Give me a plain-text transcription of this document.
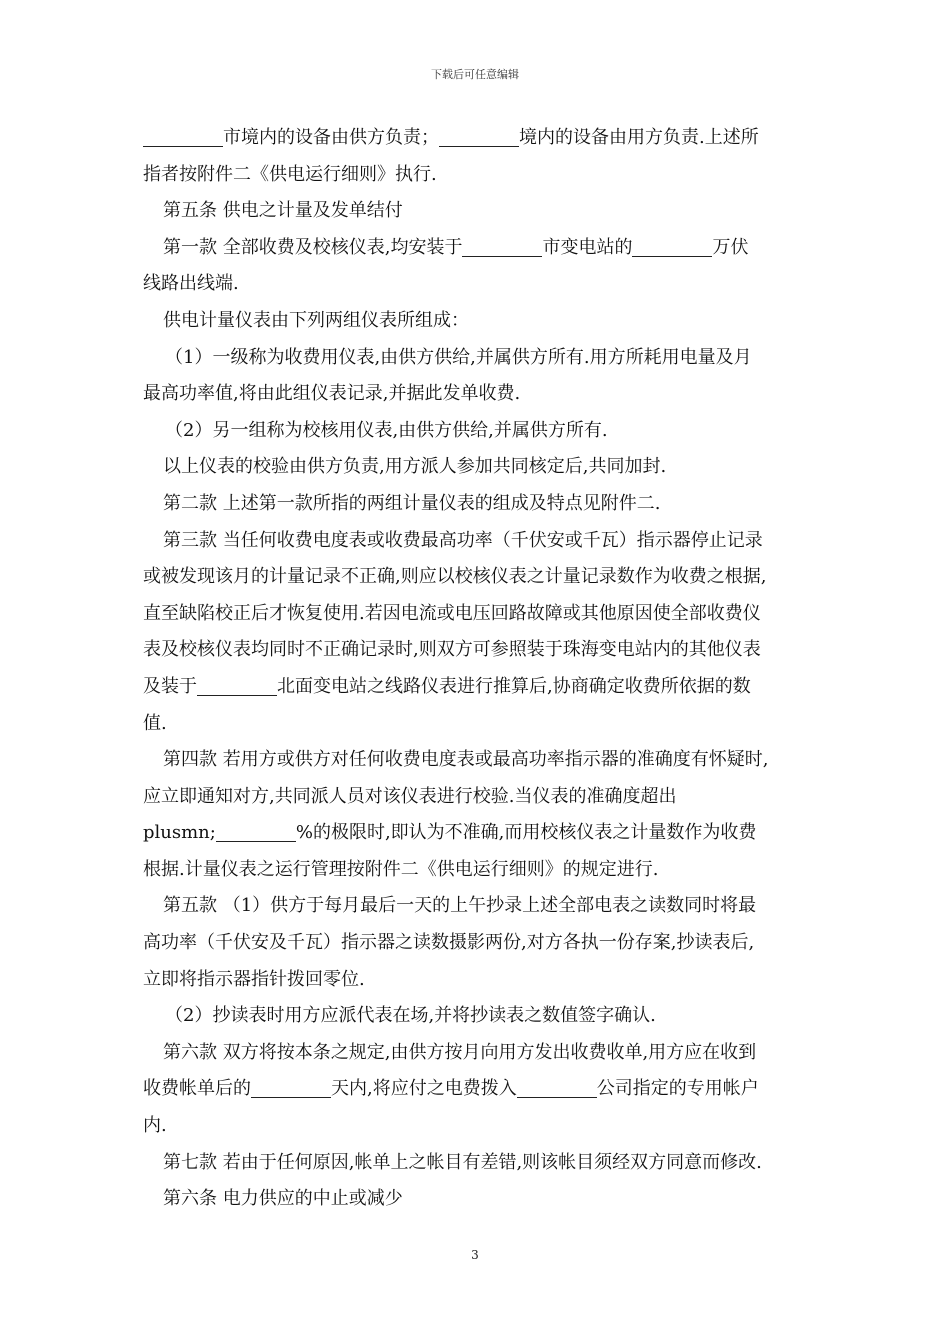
下载后可任意编辑
市境内的设备由供方负责；	境内的设备由用方负责.上述所
指者按附件二《供电运行细则》执行.
第五条 供电之计量及发单结付
第一款 全部收费及校核仪表,均安装于	市变电站的	万伏
线路出线端.
供电计量仪表由下列两组仪表所组成：
（1）一级称为收费用仪表,由供方供给,并属供方所有.用方所耗用电量及月
最高功率值,将由此组仪表记录,并据此发单收费.
（2）另一组称为校核用仪表,由供方供给,并属供方所有.
以上仪表的校验由供方负责,用方派人参加共同核定后,共同加封.
第二款 上述第一款所指的两组计量仪表的组成及特点见附件二.
第三款 当任何收费电度表或收费最高功率（千伏安或千瓦）指示器停止记录
或被发现该月的计量记录不正确,则应以校核仪表之计量记录数作为收费之根据,
直至缺陷校正后才恢复使用.若因电流或电压回路故障或其他原因使全部收费仪
表及校核仪表均同时不正确记录时,则双方可参照装于珠海变电站内的其他仪表
及装于	北面变电站之线路仪表进行推算后,协商确定收费所依据的数
值.
第四款 若用方或供方对任何收费电度表或最高功率指示器的准确度有怀疑时,
应立即通知对方,共同派人员对该仪表进行校验.当仪表的准确度超出
plusmn;	%的极限时,即认为不准确,而用校核仪表之计量数作为收费
根据.计量仪表之运行管理按附件二《供电运行细则》的规定进行.
第五款 （1）供方于每月最后一天的上午抄录上述全部电表之读数同时将最
高功率（千伏安及千瓦）指示器之读数摄影两份,对方各执一份存案,抄读表后,
立即将指示器指针拨回零位.
（2）抄读表时用方应派代表在场,并将抄读表之数值签字确认.
第六款 双方将按本条之规定,由供方按月向用方发出收费收单,用方应在收到
收费帐单后的	天内,将应付之电费拨入	公司指定的专用帐户
内.
第七款 若由于任何原因,帐单上之帐目有差错,则该帐目须经双方同意而修改.
第六条 电力供应的中止或减少
3
